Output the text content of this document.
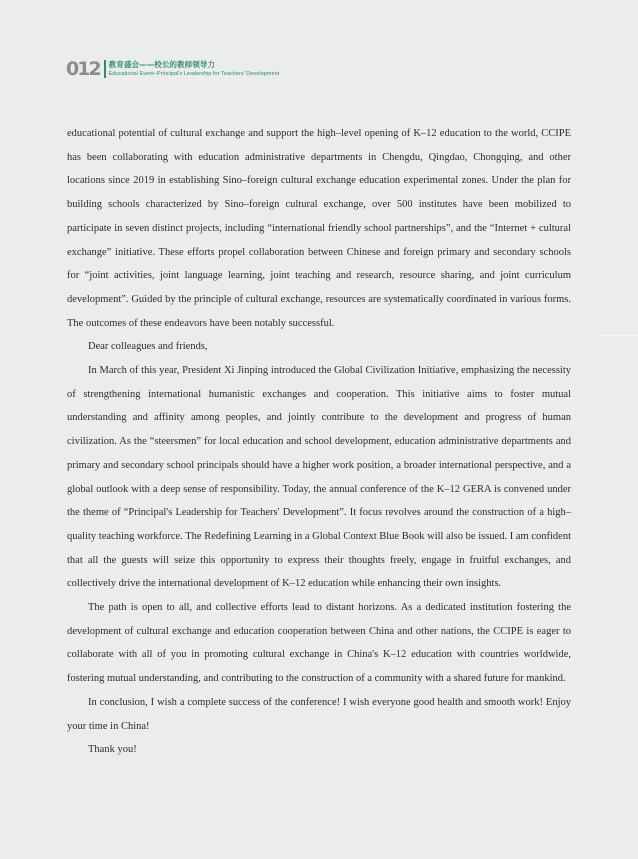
012 教育盛会——校长的教师领导力
Educational Event–Principal's Leadership for Teachers' Development

educational potential of cultural exchange and support the high–level opening of K–12 education to the world, CCIPE has been collaborating with education administrative departments in Chengdu, Qingdao, Chongqing, and other locations since 2019 in establishing Sino–foreign cultural exchange education experimental zones. Under the plan for building schools characterized by Sino–foreign cultural exchange, over 500 institutes have been mobilized to participate in seven distinct projects, including “international friendly school partnerships”, and the “Internet + cultural exchange” initiative. These efforts propel collaboration between Chinese and foreign primary and secondary schools for “joint activities, joint language learning, joint teaching and research, resource sharing, and joint curriculum development”. Guided by the principle of cultural exchange, resources are systematically coordinated in various forms. The outcomes of these endeavors have been notably successful.

Dear colleagues and friends,

In March of this year, President Xi Jinping introduced the Global Civilization Initiative, emphasizing the necessity of strengthening international humanistic exchanges and cooperation. This initiative aims to foster mutual understanding and affinity among peoples, and jointly contribute to the development and progress of human civilization. As the “steersmen” for local education and school development, education administrative departments and primary and secondary school principals should have a higher work position, a broader international perspective, and a global outlook with a deep sense of responsibility. Today, the annual conference of the K–12 GERA is convened under the theme of “Principal's Leadership for Teachers' Development”. It focus revolves around the construction of a high–quality teaching workforce. The Redefining Learning in a Global Context Blue Book will also be issued. I am confident that all the guests will seize this opportunity to express their thoughts freely, engage in fruitful exchanges, and collectively drive the international development of K–12 education while enhancing their own insights.

The path is open to all, and collective efforts lead to distant horizons. As a dedicated institution fostering the development of cultural exchange and education cooperation between China and other nations, the CCIPE is eager to collaborate with all of you in promoting cultural exchange in China's K–12 education with countries worldwide, fostering mutual understanding, and contributing to the construction of a community with a shared future for mankind.

In conclusion, I wish a complete success of the conference! I wish everyone good health and smooth work! Enjoy your time in China!

Thank you!
